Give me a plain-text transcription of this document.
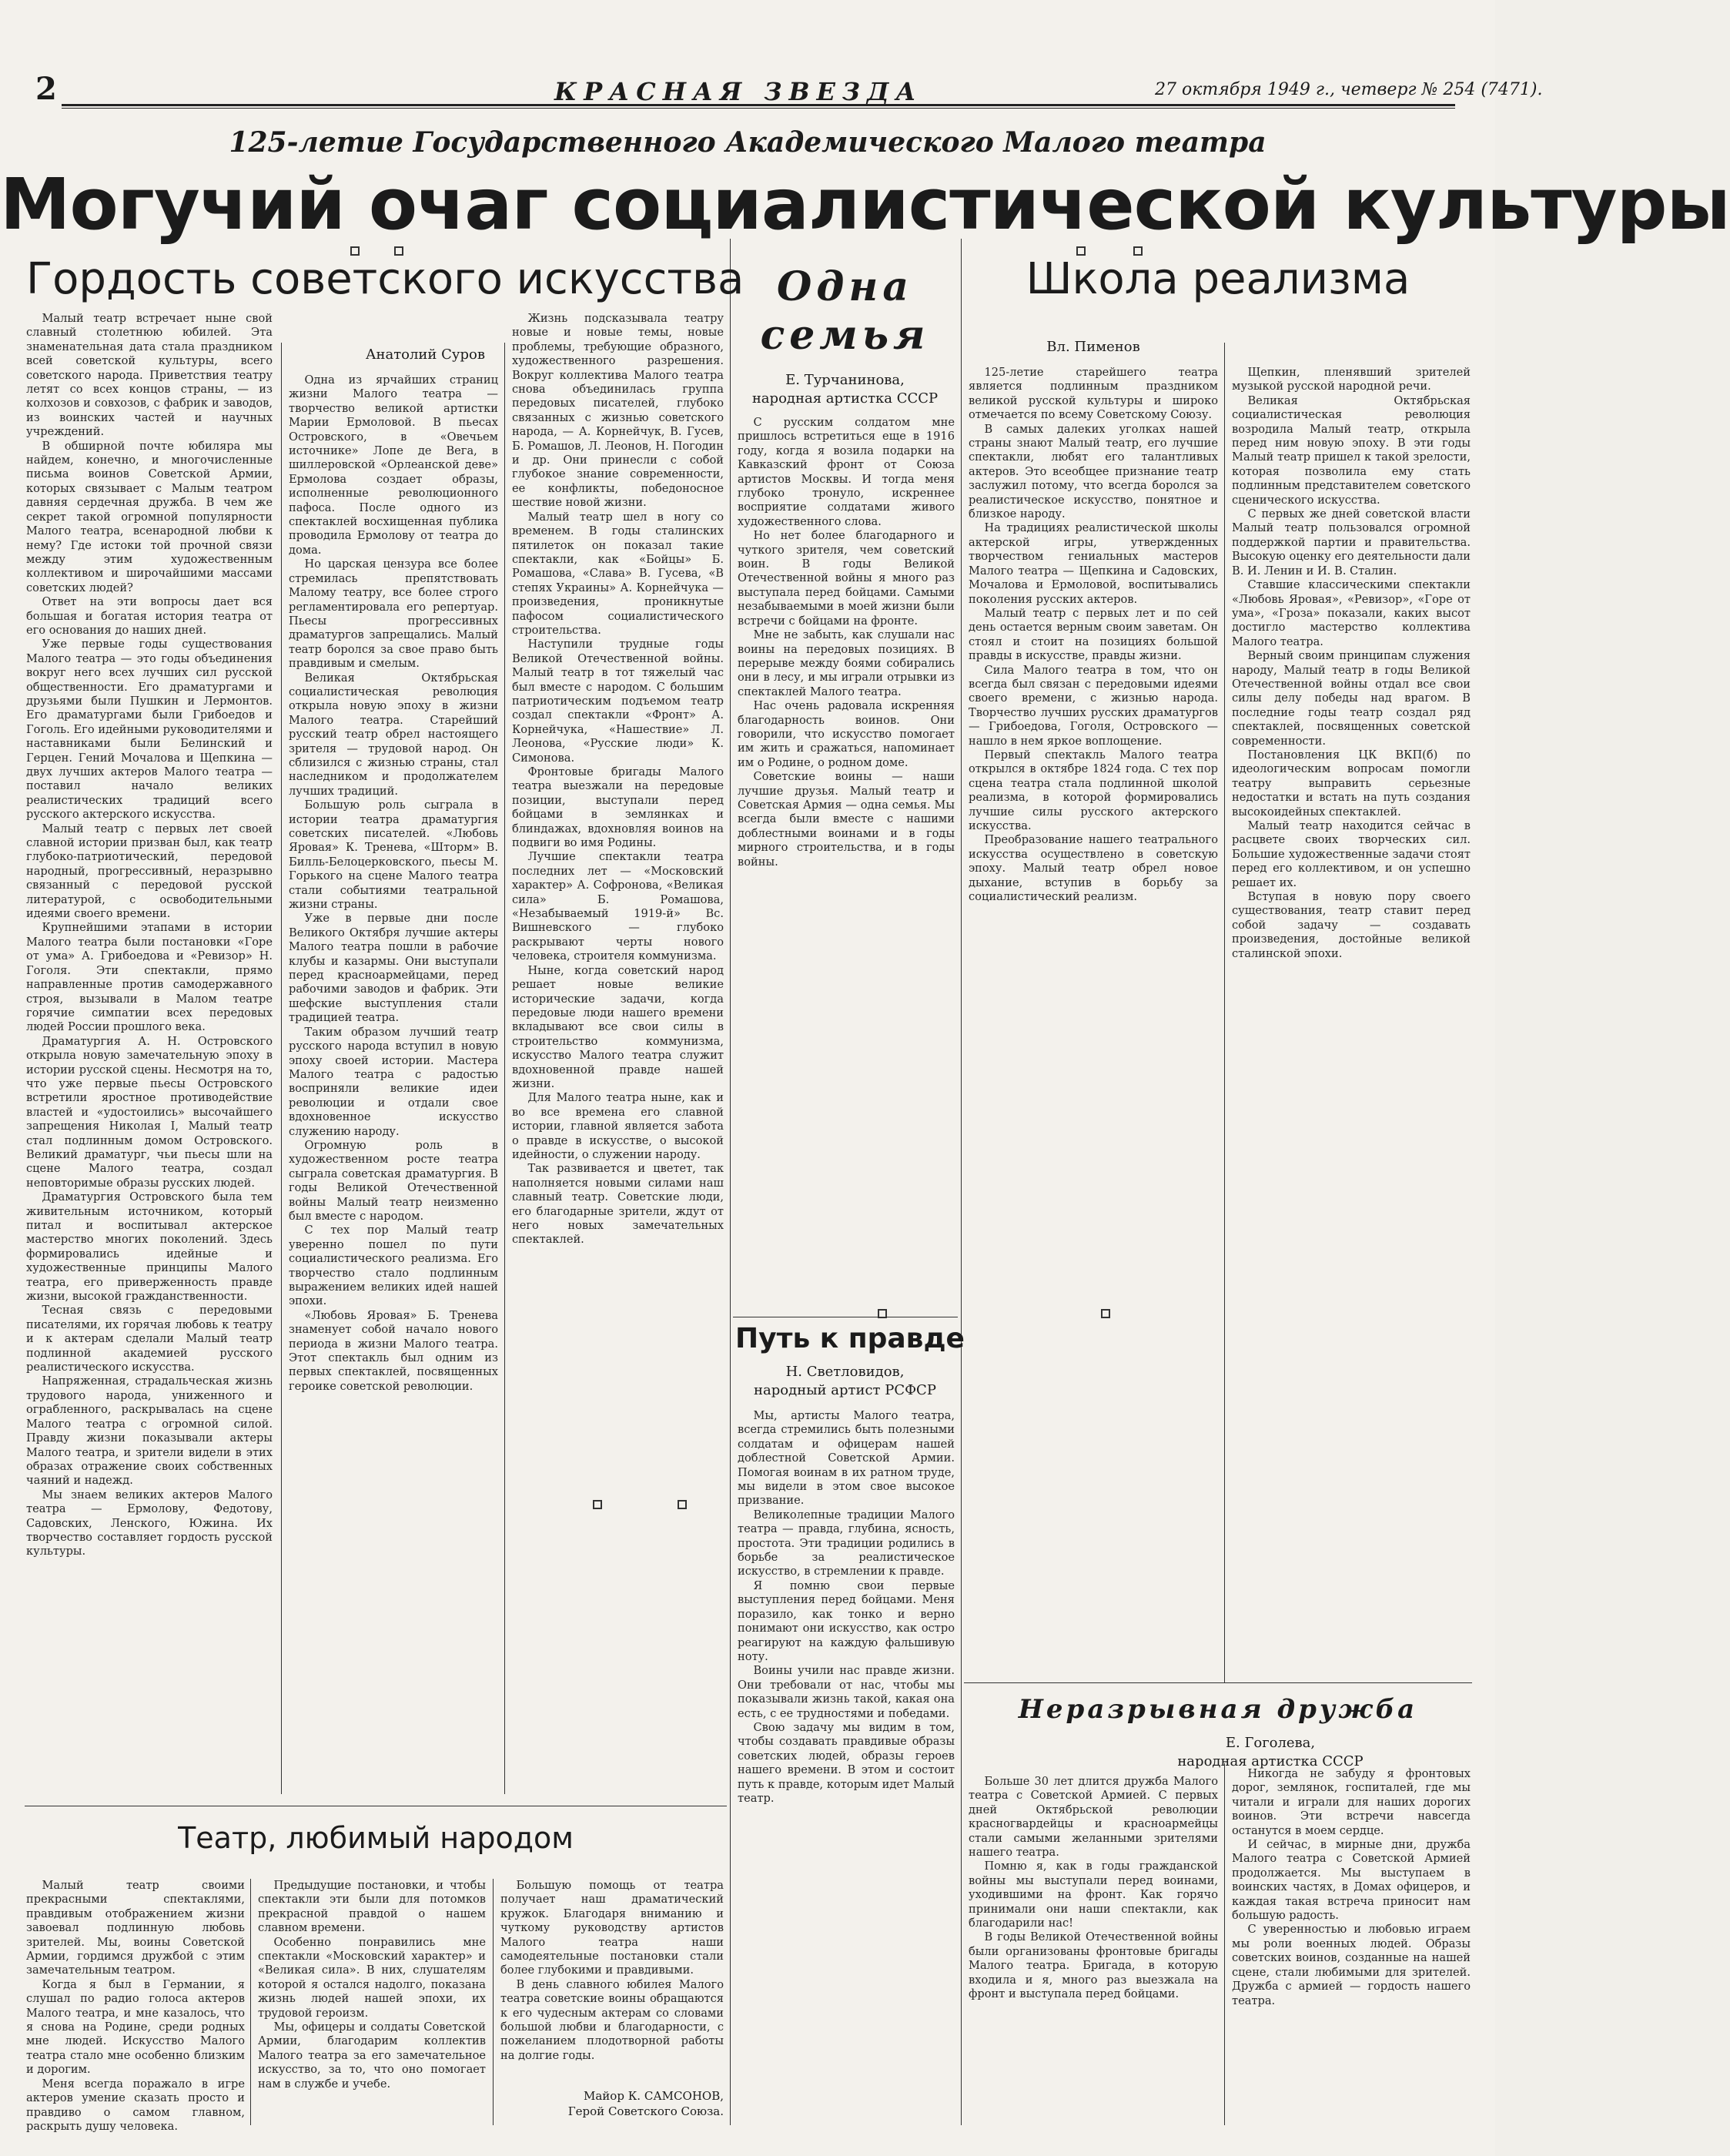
2	КРАСНАЯ ЗВЕЗДА	27 октября 1949 г., четверг № 254 (7471).
125-летие Государственного Академического Малого театра
Могучий очаг социалистической культуры
Гордость советского искусства
Анатолий Суров

Малый театр встречает ныне свой славный столетнюю юбилей. Эта знаменательная дата стала праздником всей советской культуры, всего советского народа. Приветствия театру летят со всех концов страны, — из колхозов и совхозов, с фабрик и заводов, из воинских частей и научных учреждений.

В обширной почте юбиляра мы найдем, конечно, и многочисленные письма воинов Советской Армии, которых связывает с Малым театром давняя сердечная дружба. В чем же секрет такой огромной популярности Малого театра, всенародной любви к нему? Где истоки той прочной связи между этим художественным коллективом и широчайшими массами советских людей?

Ответ на эти вопросы дает вся большая и богатая история театра от его основания до наших дней.

Уже первые годы существования Малого театра — это годы объединения вокруг него всех лучших сил русской общественности. Его драматургами и друзьями были Пушкин и Лермонтов. Его драматургами были Грибоедов и Гоголь. Его идейными руководителями и наставниками были Белинский и Герцен. Гений Мочалова и Щепкина — двух лучших актеров Малого театра — поставил начало великих реалистических традиций всего русского актерского искусства.

Малый театр с первых лет своей славной истории призван был, как театр глубоко-патриотический, передовой народный, прогрессивный, неразрывно связанный с передовой русской литературой, с освободительными идеями своего времени.

Крупнейшими этапами в истории Малого театра были постановки «Горе от ума» А. Грибоедова и «Ревизор» Н. Гоголя. Эти спектакли, прямо направленные против самодержавного строя, вызывали в Малом театре горячие симпатии всех передовых людей России прошлого века.

Драматургия А. Н. Островского открыла новую замечательную эпоху в истории русской сцены. Несмотря на то, что уже первые пьесы Островского встретили яростное противодействие властей и «удостоились» высочайшего запрещения Николая I, Малый театр стал подлинным домом Островского. Великий драматург, чьи пьесы шли на сцене Малого театра, создал неповторимые образы русских людей.

Драматургия Островского была тем живительным источником, который питал и воспитывал актерское мастерство многих поколений. Здесь формировались идейные и художественные принципы Малого театра, его приверженность правде жизни, высокой гражданственности.

Тесная связь с передовыми писателями, их горячая любовь к театру и к актерам сделали Малый театр подлинной академией русского реалистического искусства.

Напряженная, страдальческая жизнь трудового народа, униженного и ограбленного, раскрывалась на сцене Малого театра с огромной силой. Правду жизни показывали актеры Малого театра, и зрители видели в этих образах отражение своих собственных чаяний и надежд.

Мы знаем великих актеров Малого театра — Ермолову, Федотову, Садовских, Ленского, Южина. Их творчество составляет гордость русской культуры.

Одна из ярчайших страниц жизни Малого театра — творчество великой артистки Марии Ермоловой. В пьесах Островского, в «Овечьем источнике» Лопе де Вега, в шиллеровской «Орлеанской деве» Ермолова создает образы, исполненные революционного пафоса. После одного из спектаклей восхищенная публика проводила Ермолову от театра до дома.

Но царская цензура все более стремилась препятствовать Малому театру, все более строго регламентировала его репертуар. Пьесы прогрессивных драматургов запрещались. Малый театр боролся за свое право быть правдивым и смелым.

Великая Октябрьская социалистическая революция открыла новую эпоху в жизни Малого театра. Старейший русский театр обрел настоящего зрителя — трудовой народ. Он сблизился с жизнью страны, стал наследником и продолжателем лучших традиций.

Большую роль сыграла в истории театра драматургия советских писателей. «Любовь Яровая» К. Тренева, «Шторм» В. Билль-Белоцерковского, пьесы М. Горького на сцене Малого театра стали событиями театральной жизни страны.

Уже в первые дни после Великого Октября лучшие актеры Малого театра пошли в рабочие клубы и казармы. Они выступали перед красноармейцами, перед рабочими заводов и фабрик. Эти шефские выступления стали традицией театра.

Таким образом лучший театр русского народа вступил в новую эпоху своей истории. Мастера Малого театра с радостью восприняли великие идеи революции и отдали свое вдохновенное искусство служению народу.

Огромную роль в художественном росте театра сыграла советская драматургия. В годы Великой Отечественной войны Малый театр неизменно был вместе с народом.

С тех пор Малый театр уверенно пошел по пути социалистического реализма. Его творчество стало подлинным выражением великих идей нашей эпохи.

«Любовь Яровая» Б. Тренева знаменует собой начало нового периода в жизни Малого театра. Этот спектакль был одним из первых спектаклей, посвященных героике советской революции.

Жизнь подсказывала театру новые и новые темы, новые проблемы, требующие образного, художественного разрешения. Вокруг коллектива Малого театра снова объединилась группа передовых писателей, глубоко связанных с жизнью советского народа, — А. Корнейчук, В. Гусев, Б. Ромашов, Л. Леонов, Н. Погодин и др. Они принесли с собой глубокое знание современности, ее конфликты, победоносное шествие новой жизни.

Малый театр шел в ногу со временем. В годы сталинских пятилеток он показал такие спектакли, как «Бойцы» Б. Ромашова, «Слава» В. Гусева, «В степях Украины» А. Корнейчука — произведения, проникнутые пафосом социалистического строительства.

Наступили трудные годы Великой Отечественной войны. Малый театр в тот тяжелый час был вместе с народом. С большим патриотическим подъемом театр создал спектакли «Фронт» А. Корнейчука, «Нашествие» Л. Леонова, «Русские люди» К. Симонова.

Фронтовые бригады Малого театра выезжали на передовые позиции, выступали перед бойцами в землянках и блиндажах, вдохновляя воинов на подвиги во имя Родины.

Лучшие спектакли театра последних лет — «Московский характер» А. Софронова, «Великая сила» Б. Ромашова, «Незабываемый 1919-й» Вс. Вишневского — глубоко раскрывают черты нового человека, строителя коммунизма.

Ныне, когда советский народ решает новые великие исторические задачи, когда передовые люди нашего времени вкладывают все свои силы в строительство коммунизма, искусство Малого театра служит вдохновенной правде нашей жизни.

Для Малого театра ныне, как и во все времена его славной истории, главной является забота о правде в искусстве, о высокой идейности, о служении народу.

Так развивается и цветет, так наполняется новыми силами наш славный театр. Советские люди, его благодарные зрители, ждут от него новых замечательных спектаклей.

Одна
семья
Е. Турчанинова,
народная артистка СССР

С русским солдатом мне пришлось встретиться еще в 1916 году, когда я возила подарки на Кавказский фронт от Союза артистов Москвы. И тогда меня глубоко тронуло, искреннее восприятие солдатами живого художественного слова.

Но нет более благодарного и чуткого зрителя, чем советский воин. В годы Великой Отечественной войны я много раз выступала перед бойцами. Самыми незабываемыми в моей жизни были встречи с бойцами на фронте.

Мне не забыть, как слушали нас воины на передовых позициях. В перерыве между боями собирались они в лесу, и мы играли отрывки из спектаклей Малого театра.

Нас очень радовала искренняя благодарность воинов. Они говорили, что искусство помогает им жить и сражаться, напоминает им о Родине, о родном доме.

Советские воины — наши лучшие друзья. Малый театр и Советская Армия — одна семья. Мы всегда были вместе с нашими доблестными воинами и в годы мирного строительства, и в годы войны.

Путь к правде
Н. Светловидов,
народный артист РСФСР

Мы, артисты Малого театра, всегда стремились быть полезными солдатам и офицерам нашей доблестной Советской Армии. Помогая воинам в их ратном труде, мы видели в этом свое высокое призвание.

Великолепные традиции Малого театра — правда, глубина, ясность, простота. Эти традиции родились в борьбе за реалистическое искусство, в стремлении к правде.

Я помню свои первые выступления перед бойцами. Меня поразило, как тонко и верно понимают они искусство, как остро реагируют на каждую фальшивую ноту.

Воины учили нас правде жизни. Они требовали от нас, чтобы мы показывали жизнь такой, какая она есть, с ее трудностями и победами.

Свою задачу мы видим в том, чтобы создавать правдивые образы советских людей, образы героев нашего времени. В этом и состоит путь к правде, которым идет Малый театр.

Школа реализма
Вл. Пименов

125-летие старейшего театра является подлинным праздником великой русской культуры и широко отмечается по всему Советскому Союзу.

В самых далеких уголках нашей страны знают Малый театр, его лучшие спектакли, любят его талантливых актеров. Это всеобщее признание театр заслужил потому, что всегда боролся за реалистическое искусство, понятное и близкое народу.

На традициях реалистической школы актерской игры, утвержденных творчеством гениальных мастеров Малого театра — Щепкина и Садовских, Мочалова и Ермоловой, воспитывались поколения русских актеров.

Малый театр с первых лет и по сей день остается верным своим заветам. Он стоял и стоит на позициях большой правды в искусстве, правды жизни.

Сила Малого театра в том, что он всегда был связан с передовыми идеями своего времени, с жизнью народа. Творчество лучших русских драматургов — Грибоедова, Гоголя, Островского — нашло в нем яркое воплощение.

Первый спектакль Малого театра открылся в октябре 1824 года. С тех пор сцена театра стала подлинной школой реализма, в которой формировались лучшие силы русского актерского искусства.

Преобразование нашего театрального искусства осуществлено в советскую эпоху. Малый театр обрел новое дыхание, вступив в борьбу за социалистический реализм.

Щепкин, пленявший зрителей музыкой русской народной речи.

Великая Октябрьская социалистическая революция возродила Малый театр, открыла перед ним новую эпоху. В эти годы Малый театр пришел к такой зрелости, которая позволила ему стать подлинным представителем советского сценического искусства.

С первых же дней советской власти Малый театр пользовался огромной поддержкой партии и правительства. Высокую оценку его деятельности дали В. И. Ленин и И. В. Сталин.

Ставшие классическими спектакли «Любовь Яровая», «Ревизор», «Горе от ума», «Гроза» показали, каких высот достигло мастерство коллектива Малого театра.

Верный своим принципам служения народу, Малый театр в годы Великой Отечественной войны отдал все свои силы делу победы над врагом. В последние годы театр создал ряд спектаклей, посвященных советской современности.

Постановления ЦК ВКП(б) по идеологическим вопросам помогли театру выправить серьезные недостатки и встать на путь создания высокоидейных спектаклей.

Малый театр находится сейчас в расцвете своих творческих сил. Большие художественные задачи стоят перед его коллективом, и он успешно решает их.

Вступая в новую пору своего существования, театр ставит перед собой задачу — создавать произведения, достойные великой сталинской эпохи.

Неразрывная дружба
Е. Гоголева,
народная артистка СССР

Больше 30 лет длится дружба Малого театра с Советской Армией. С первых дней Октябрьской революции красногвардейцы и красноармейцы стали самыми желанными зрителями нашего театра.

Помню я, как в годы гражданской войны мы выступали перед воинами, уходившими на фронт. Как горячо принимали они наши спектакли, как благодарили нас!

В годы Великой Отечественной войны были организованы фронтовые бригады Малого театра. Бригада, в которую входила и я, много раз выезжала на фронт и выступала перед бойцами.

Никогда не забуду я фронтовых дорог, землянок, госпиталей, где мы читали и играли для наших дорогих воинов. Эти встречи навсегда останутся в моем сердце.

И сейчас, в мирные дни, дружба Малого театра с Советской Армией продолжается. Мы выступаем в воинских частях, в Домах офицеров, и каждая такая встреча приносит нам большую радость.

С уверенностью и любовью играем мы роли военных людей. Образы советских воинов, созданные на нашей сцене, стали любимыми для зрителей. Дружба с армией — гордость нашего театра.

Театр, любимый народом

Малый театр своими прекрасными спектаклями, правдивым отображением жизни завоевал подлинную любовь зрителей. Мы, воины Советской Армии, гордимся дружбой с этим замечательным театром.

Когда я был в Германии, я слушал по радио голоса актеров Малого театра, и мне казалось, что я снова на Родине, среди родных мне людей. Искусство Малого театра стало мне особенно близким и дорогим.

Меня всегда поражало в игре актеров умение сказать просто и правдиво о самом главном, раскрыть душу человека.

Предыдущие постановки, и чтобы спектакли эти были для потомков прекрасной правдой о нашем славном времени.

Особенно понравились мне спектакли «Московский характер» и «Великая сила». В них, слушателям которой я остался надолго, показана жизнь людей нашей эпохи, их трудовой героизм.

Мы, офицеры и солдаты Советской Армии, благодарим коллектив Малого театра за его замечательное искусство, за то, что оно помогает нам в службе и учебе.

Большую помощь от театра получает наш драматический кружок. Благодаря вниманию и чуткому руководству артистов Малого театра наши самодеятельные постановки стали более глубокими и правдивыми.

В день славного юбилея Малого театра советские воины обращаются к его чудесным актерам со словами большой любви и благодарности, с пожеланием плодотворной работы на долгие годы.

Майор К. САМСОНОВ,
Герой Советского Союза.
